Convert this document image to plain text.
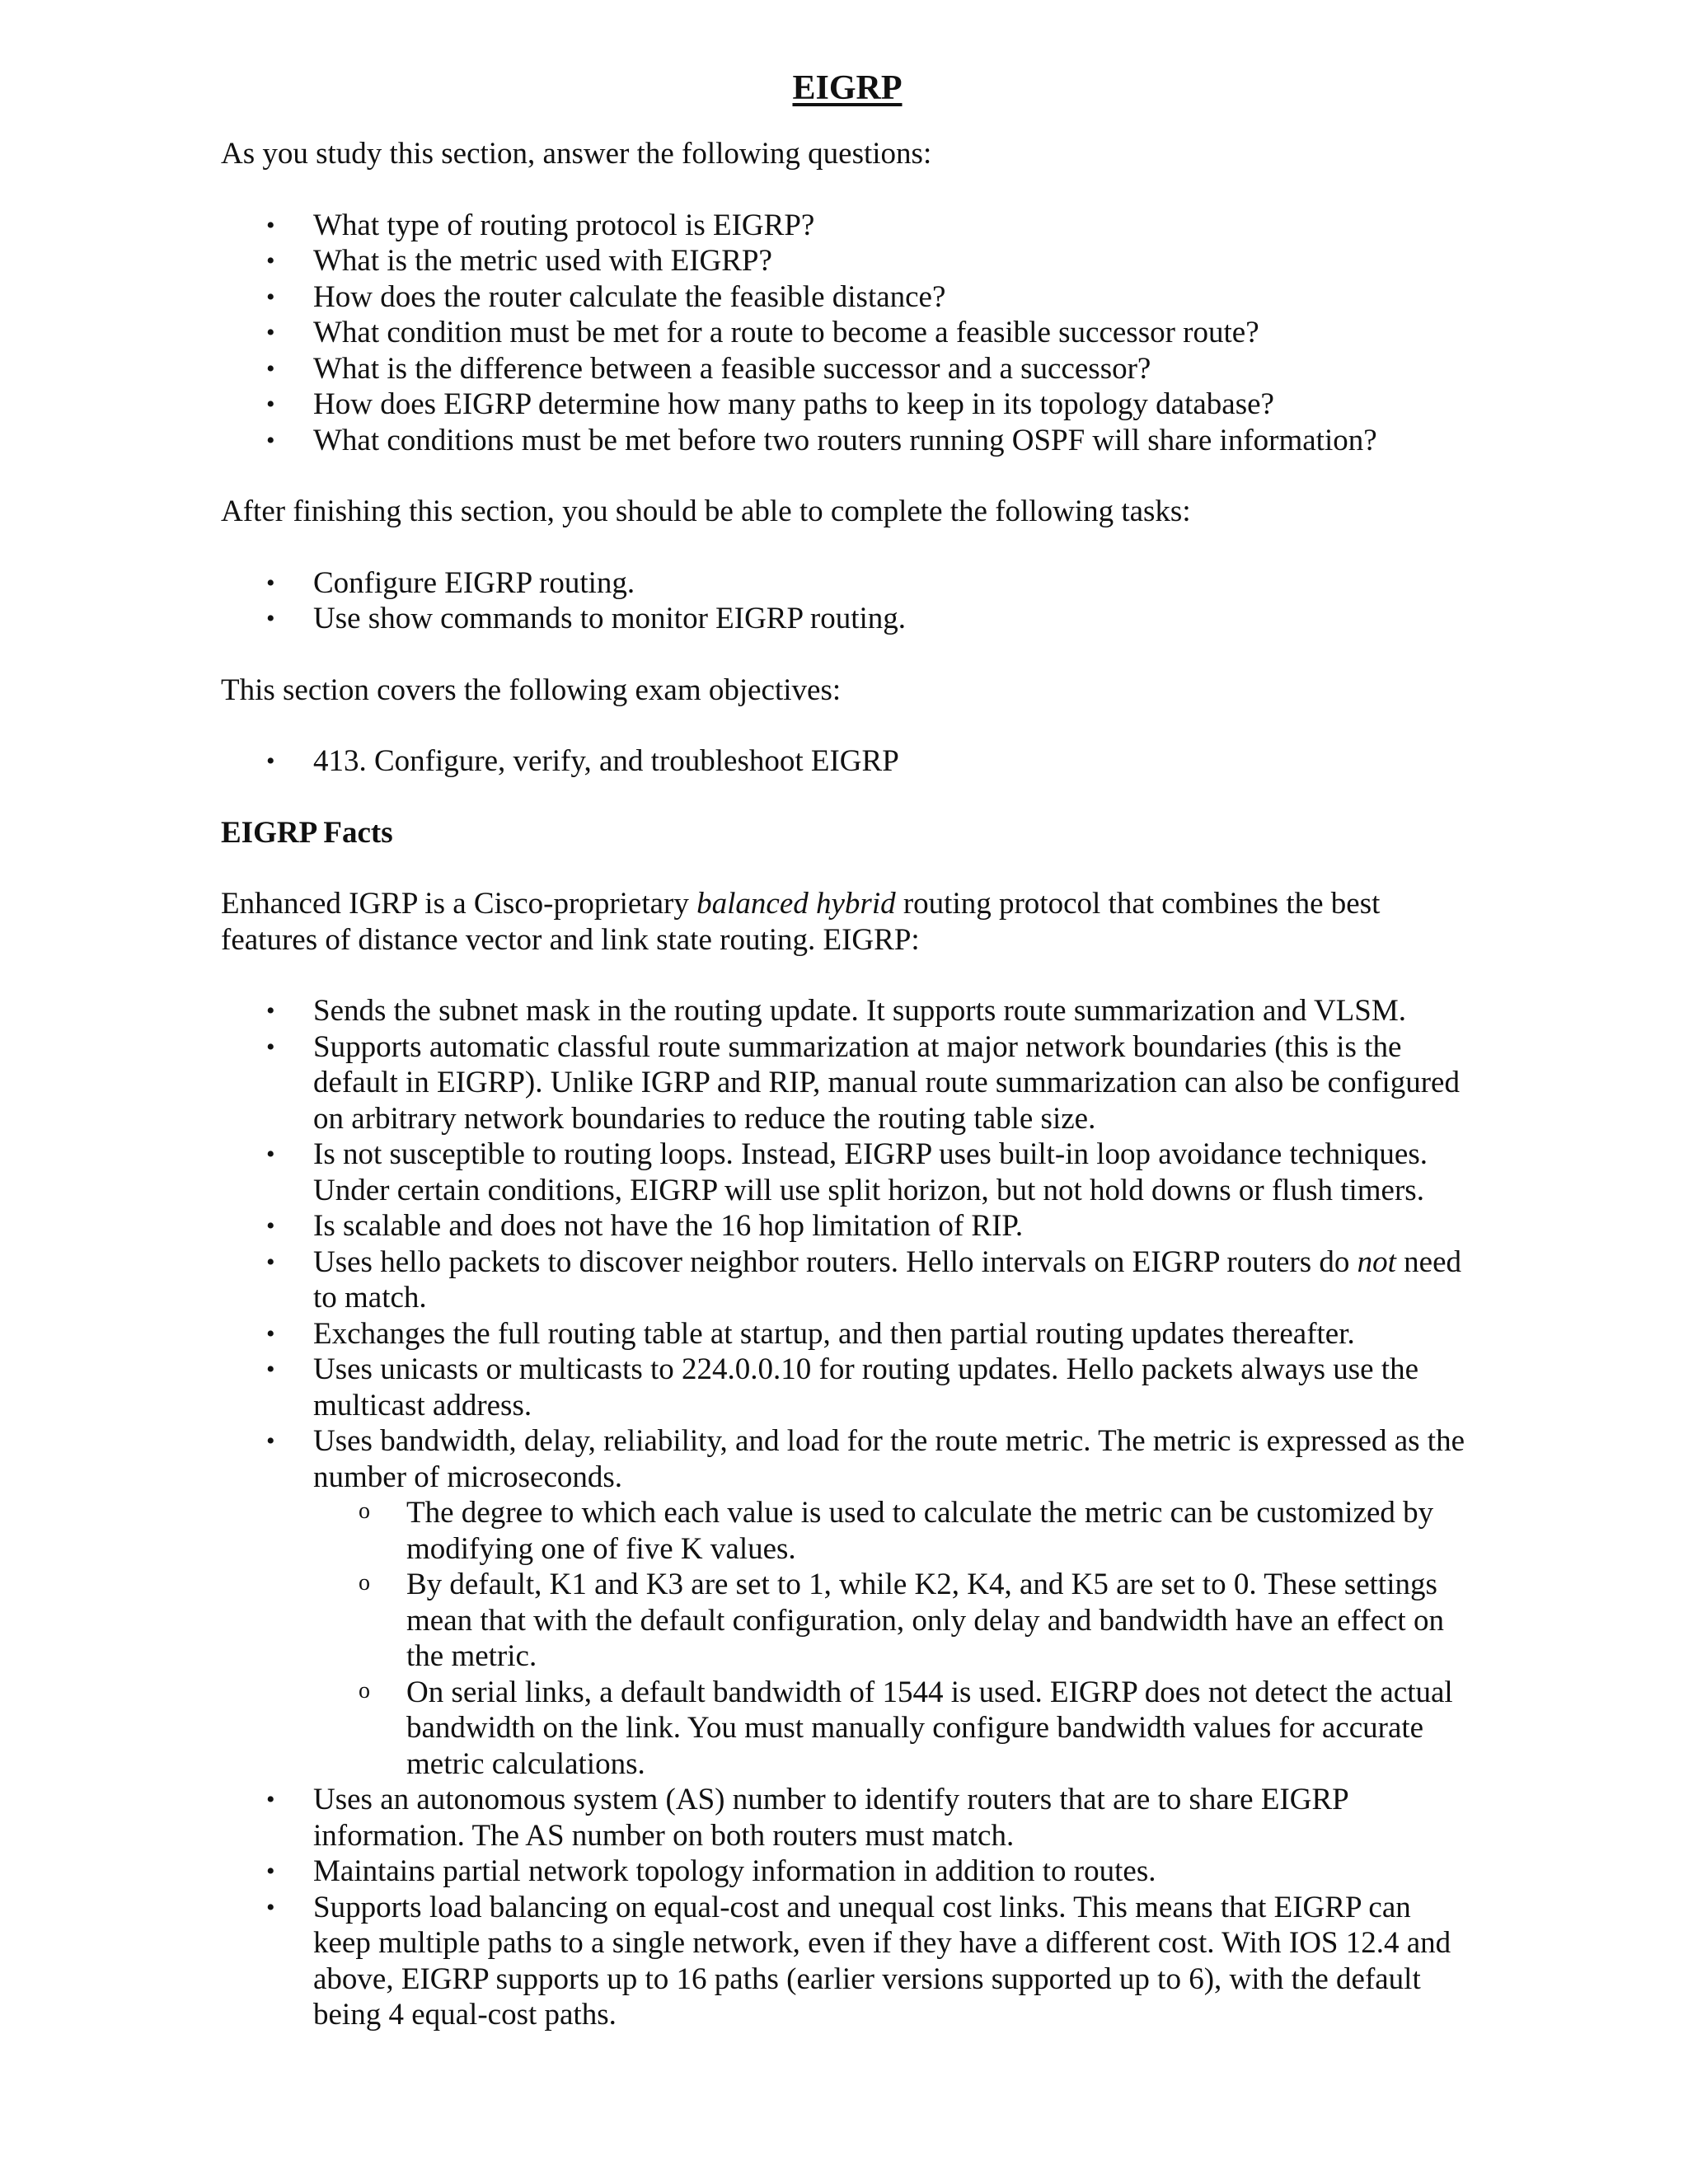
EIGRP

As you study this section, answer the following questions:

• What type of routing protocol is EIGRP?
• What is the metric used with EIGRP?
• How does the router calculate the feasible distance?
• What condition must be met for a route to become a feasible successor route?
• What is the difference between a feasible successor and a successor?
• How does EIGRP determine how many paths to keep in its topology database?
• What conditions must be met before two routers running OSPF will share information?

After finishing this section, you should be able to complete the following tasks:

• Configure EIGRP routing.
• Use show commands to monitor EIGRP routing.

This section covers the following exam objectives:

• 413. Configure, verify, and troubleshoot EIGRP

EIGRP Facts

Enhanced IGRP is a Cisco-proprietary balanced hybrid routing protocol that combines the best features of distance vector and link state routing. EIGRP:

• Sends the subnet mask in the routing update. It supports route summarization and VLSM.
• Supports automatic classful route summarization at major network boundaries (this is the default in EIGRP). Unlike IGRP and RIP, manual route summarization can also be configured on arbitrary network boundaries to reduce the routing table size.
• Is not susceptible to routing loops. Instead, EIGRP uses built-in loop avoidance techniques. Under certain conditions, EIGRP will use split horizon, but not hold downs or flush timers.
• Is scalable and does not have the 16 hop limitation of RIP.
• Uses hello packets to discover neighbor routers. Hello intervals on EIGRP routers do not need to match.
• Exchanges the full routing table at startup, and then partial routing updates thereafter.
• Uses unicasts or multicasts to 224.0.0.10 for routing updates. Hello packets always use the multicast address.
• Uses bandwidth, delay, reliability, and load for the route metric. The metric is expressed as the number of microseconds.
o The degree to which each value is used to calculate the metric can be customized by modifying one of five K values.
o By default, K1 and K3 are set to 1, while K2, K4, and K5 are set to 0. These settings mean that with the default configuration, only delay and bandwidth have an effect on the metric.
o On serial links, a default bandwidth of 1544 is used. EIGRP does not detect the actual bandwidth on the link. You must manually configure bandwidth values for accurate metric calculations.
• Uses an autonomous system (AS) number to identify routers that are to share EIGRP information. The AS number on both routers must match.
• Maintains partial network topology information in addition to routes.
• Supports load balancing on equal-cost and unequal cost links. This means that EIGRP can keep multiple paths to a single network, even if they have a different cost. With IOS 12.4 and above, EIGRP supports up to 16 paths (earlier versions supported up to 6), with the default being 4 equal-cost paths.
